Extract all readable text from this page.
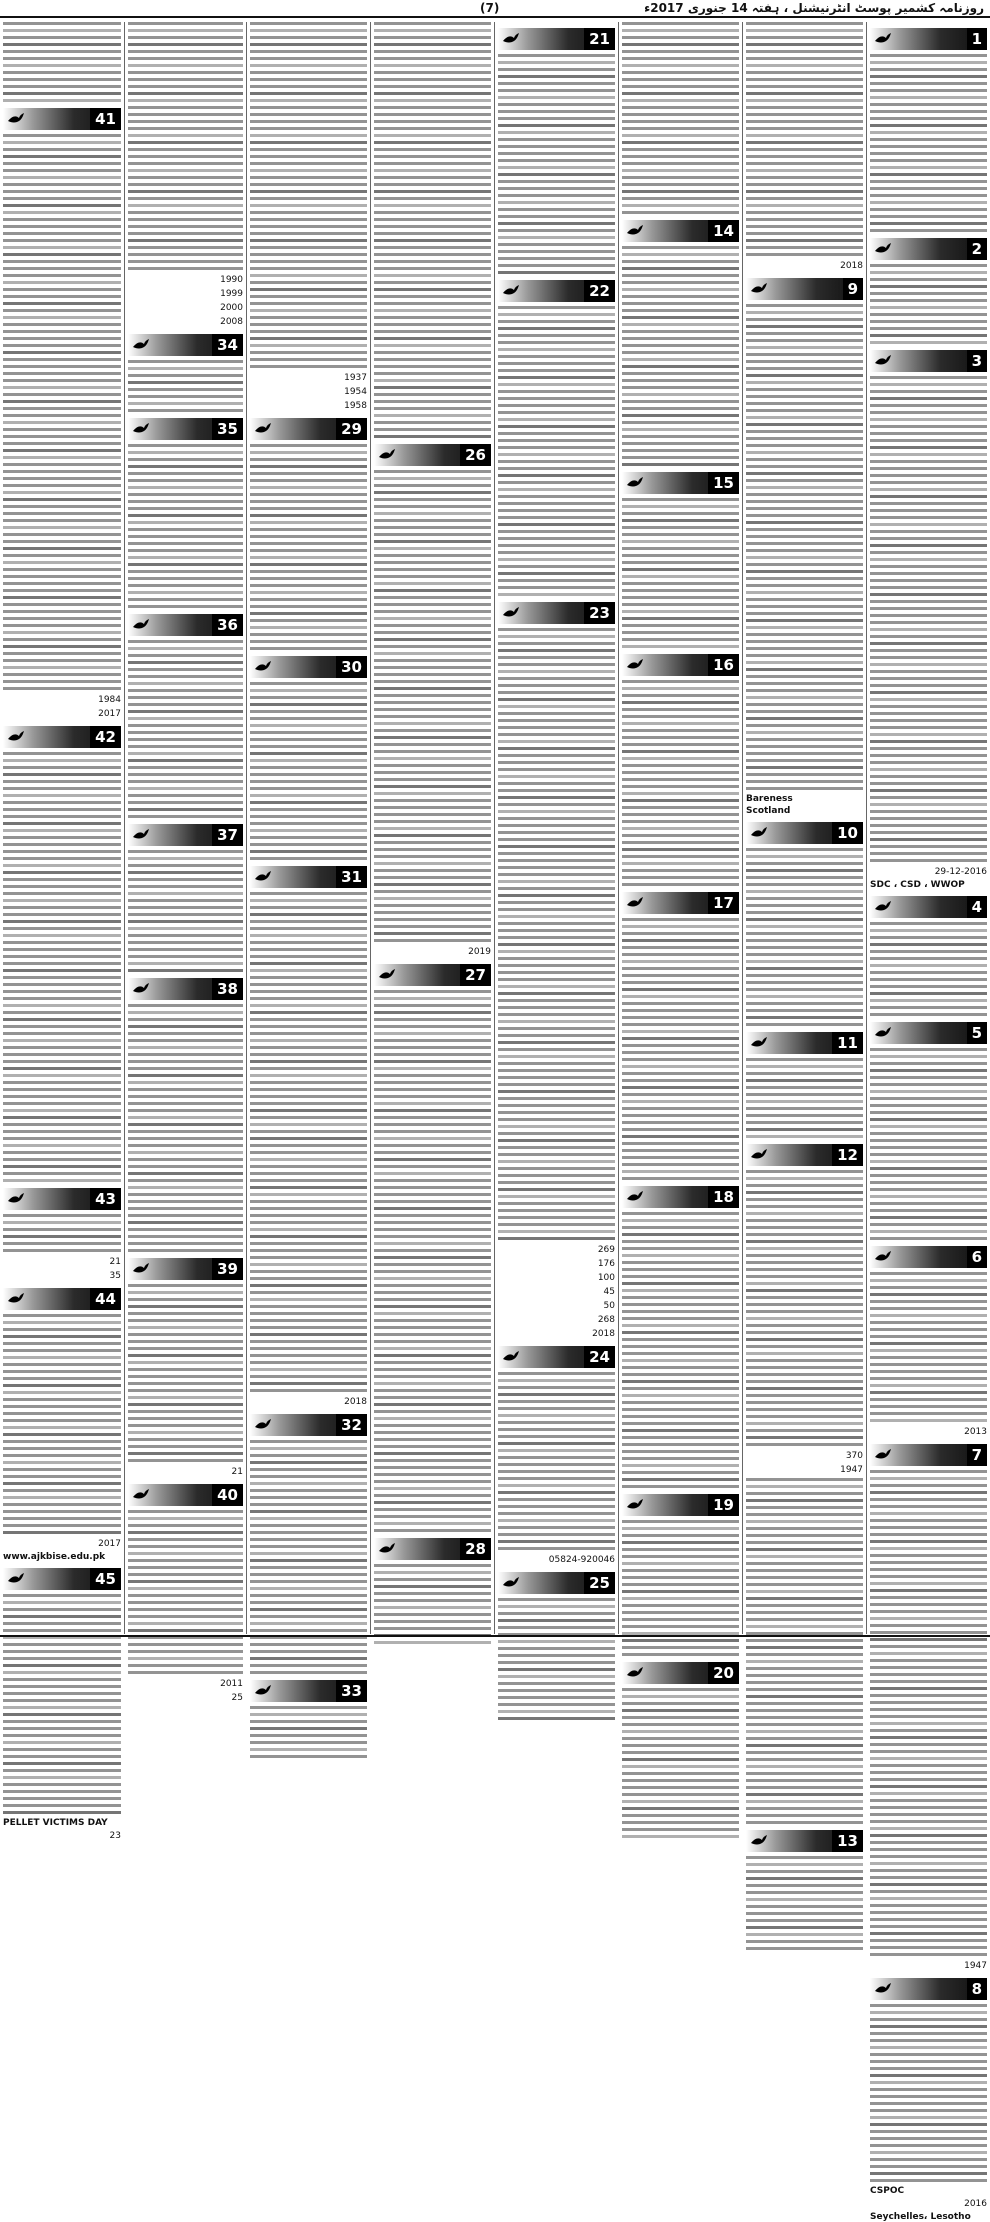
روزنامہ کشمیر پوسٹ انٹرنیشنل ، ہفتہ 14 جنوری 2017ء
(7)
1
2
3
29-12-2016
SDC ، CSD ، WWOP
4
5
6
2013
7
1947
8
CSPOC
2016
Seychelles، Lesotho
2018
9
Bareness
Scotland
10
11
12
370
1947
13
14
15
16
17
18
19
20
21
22
23
269
176
100
45
50
268
2018
24
05824-920046
25
26
2019
27
28
1937
1954
1958
29
30
31
2018
32
33
1990
1999
2000
2008
34
35
36
37
38
39
21
40
2011
25
41
1984
2017
42
43
21
35
44
2017
www.ajkbise.edu.pk
45
PELLET VICTIMS DAY
23
